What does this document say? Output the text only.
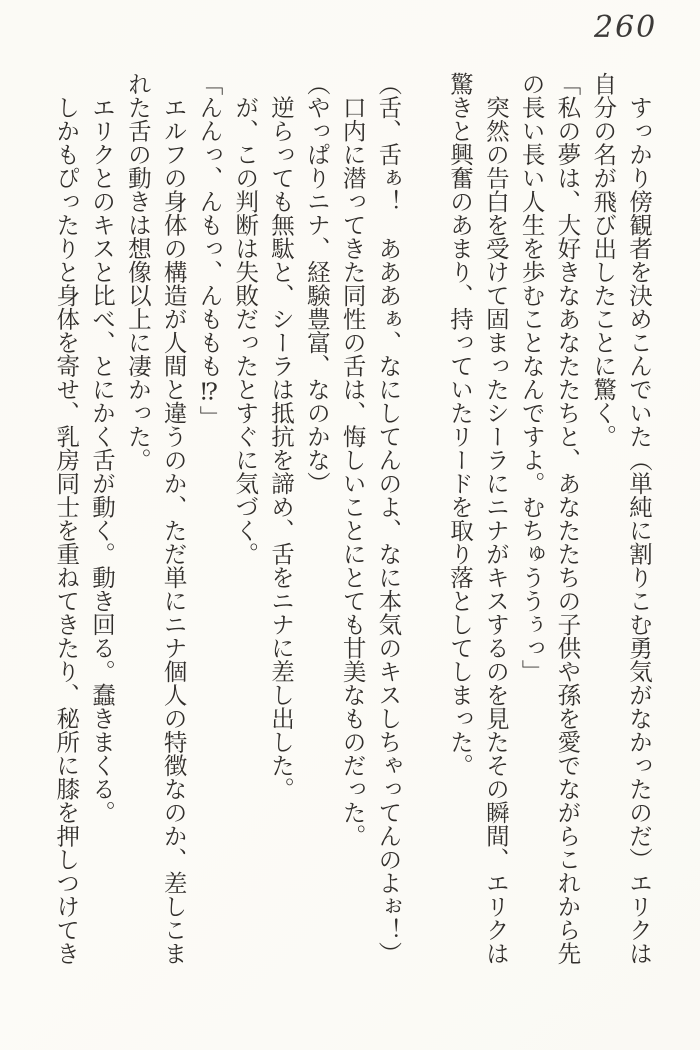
260

　すっかり傍観者を決めこんでいた（単純に割りこむ勇気がなかったのだ）エリクは

自分の名が飛び出したことに驚く。

「私の夢は、大好きなあなたたちと、あなたたちの子供や孫を愛でながらこれから先

の長い長い人生を歩むことなんですよ。むちゅううぅっ」

　突然の告白を受けて固まったシーラにニナがキスするのを見たその瞬間、エリクは

驚きと興奮のあまり、持っていたリードを取り落としてしまった。

（舌、舌ぁ！　あああぁ、なにしてんのよ、なに本気のキスしちゃってんのよぉ！）

　口内に潜ってきた同性の舌は、悔しいことにとても甘美なものだった。

（やっぱりニナ、経験豊富、なのかな）

　逆らっても無駄と、シーラは抵抗を諦め、舌をニナに差し出した。

　が、この判断は失敗だったとすぐに気づく。

「んんっ、んもっ、んももも⁉」

　エルフの身体の構造が人間と違うのか、ただ単にニナ個人の特徴なのか、差しこま

れた舌の動きは想像以上に凄かった。

　エリクとのキスと比べ、とにかく舌が動く。動き回る。蠢きまくる。

　しかもぴったりと身体を寄せ、乳房同士を重ねてきたり、秘所に膝を押しつけてき
